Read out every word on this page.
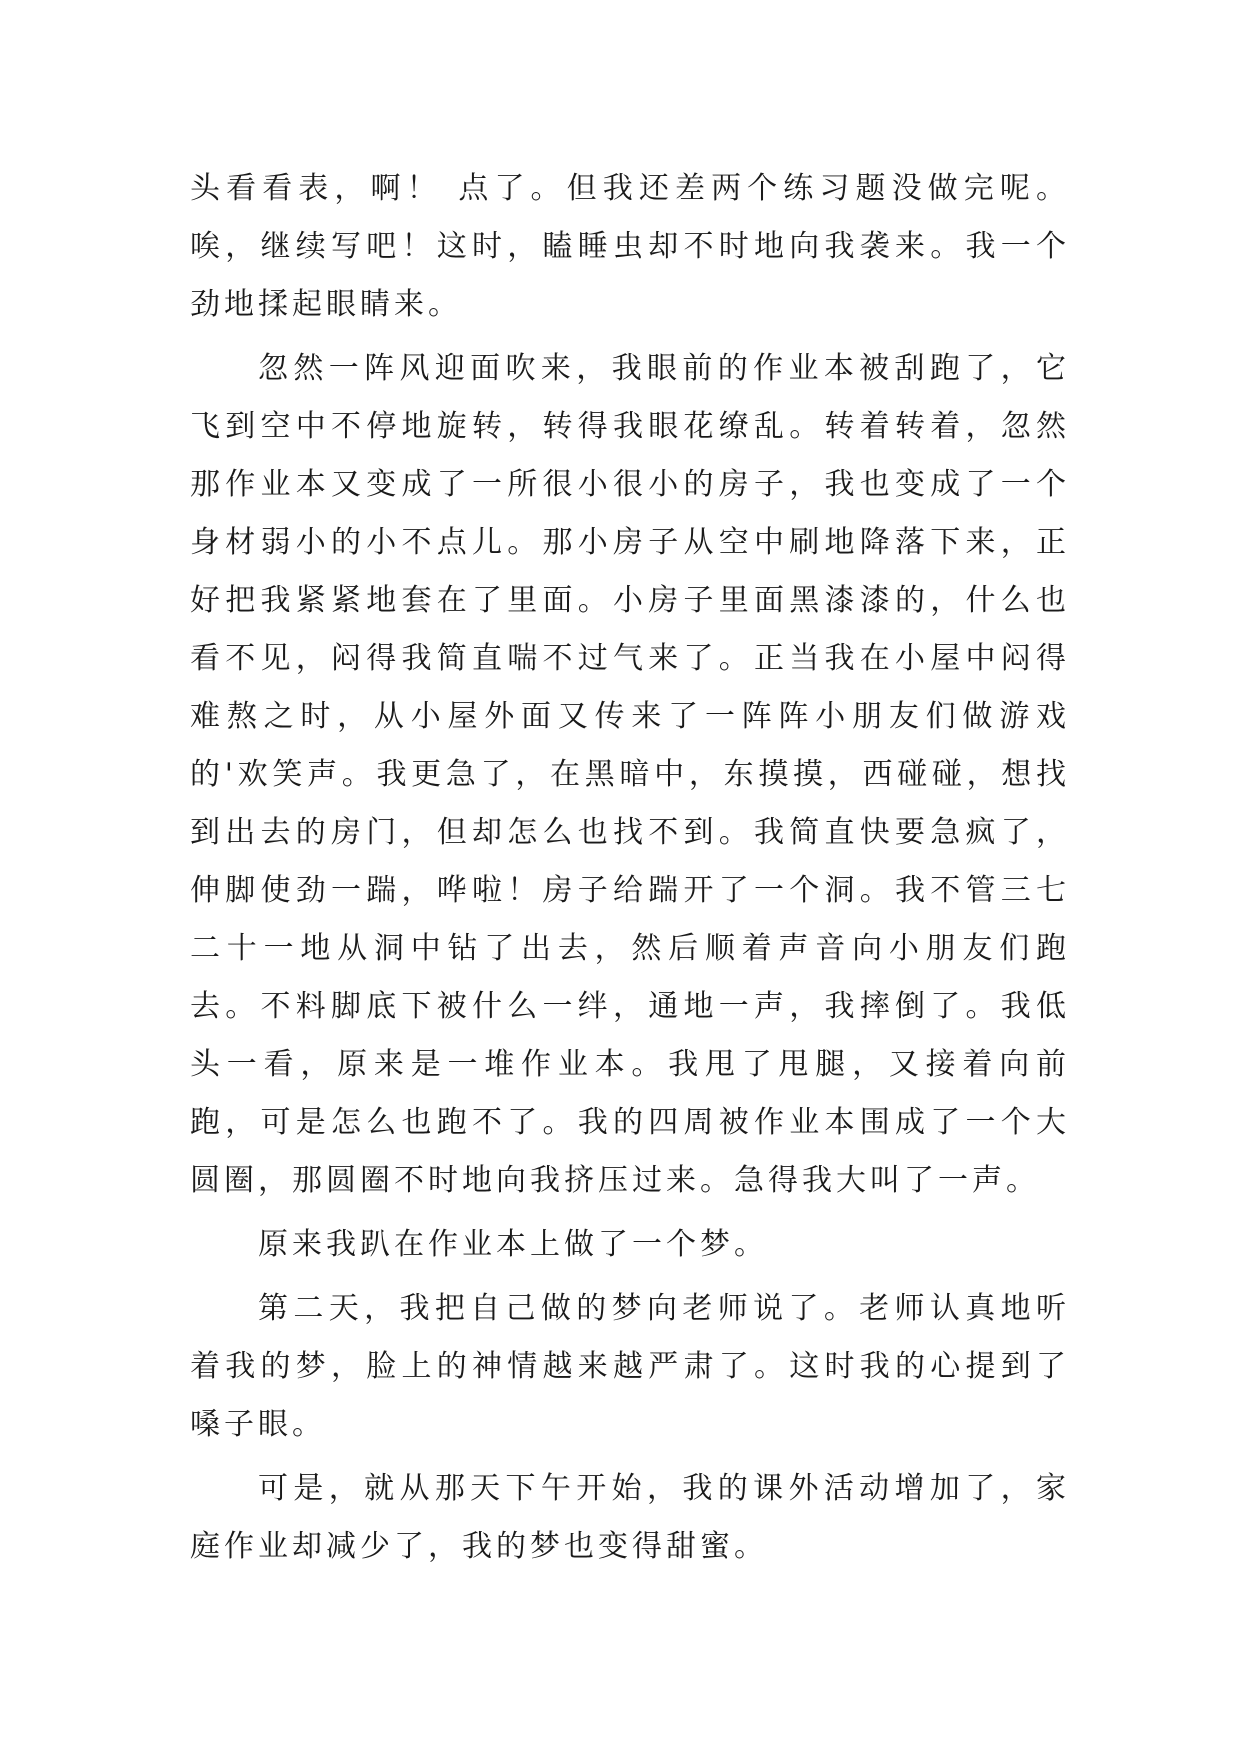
头看看表，啊！ 点了。但我还差两个练习题没做完呢。唉，继续写吧！这时，瞌睡虫却不时地向我袭来。我一个劲地揉起眼睛来。

忽然一阵风迎面吹来，我眼前的作业本被刮跑了，它飞到空中不停地旋转，转得我眼花缭乱。转着转着，忽然那作业本又变成了一所很小很小的房子，我也变成了一个身材弱小的小不点儿。那小房子从空中刷地降落下来，正好把我紧紧地套在了里面。小房子里面黑漆漆的，什么也看不见，闷得我简直喘不过气来了。正当我在小屋中闷得难熬之时，从小屋外面又传来了一阵阵小朋友们做游戏的'欢笑声。我更急了，在黑暗中，东摸摸，西碰碰，想找到出去的房门，但却怎么也找不到。我简直快要急疯了，伸脚使劲一踹，哗啦！房子给踹开了一个洞。我不管三七二十一地从洞中钻了出去，然后顺着声音向小朋友们跑去。不料脚底下被什么一绊，通地一声，我摔倒了。我低头一看，原来是一堆作业本。我甩了甩腿，又接着向前跑，可是怎么也跑不了。我的四周被作业本围成了一个大圆圈，那圆圈不时地向我挤压过来。急得我大叫了一声。

原来我趴在作业本上做了一个梦。

第二天，我把自己做的梦向老师说了。老师认真地听着我的梦，脸上的神情越来越严肃了。这时我的心提到了嗓子眼。

可是，就从那天下午开始，我的课外活动增加了，家庭作业却减少了，我的梦也变得甜蜜。
